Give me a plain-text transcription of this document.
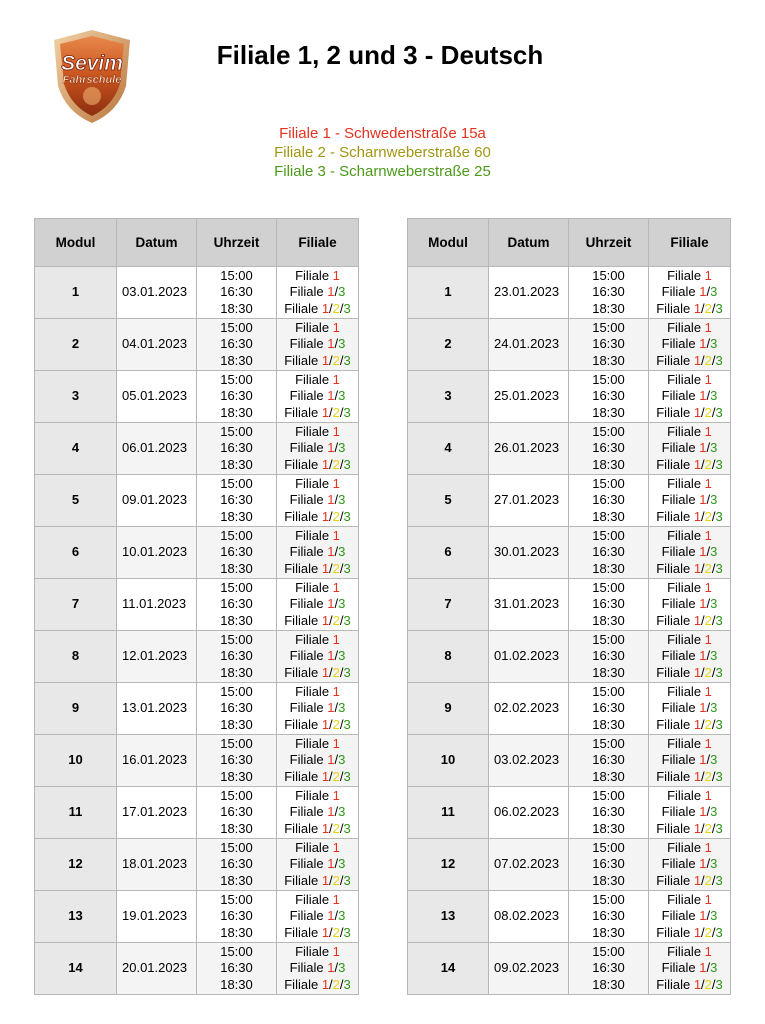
Sevim
Fahrschule
Filiale 1, 2 und 3 - Deutsch
Filiale 1 - Schwedenstraße 15a
Filiale 2 - Scharnweberstraße 60
Filiale 3 - Scharnweberstraße 25
Modul	Datum	Uhrzeit	Filiale
1	03.01.2023	15:00
16:30
18:30	Filiale 1
Filiale 1/3
Filiale 1/2/3
2	04.01.2023	15:00
16:30
18:30	Filiale 1
Filiale 1/3
Filiale 1/2/3
3	05.01.2023	15:00
16:30
18:30	Filiale 1
Filiale 1/3
Filiale 1/2/3
4	06.01.2023	15:00
16:30
18:30	Filiale 1
Filiale 1/3
Filiale 1/2/3
5	09.01.2023	15:00
16:30
18:30	Filiale 1
Filiale 1/3
Filiale 1/2/3
6	10.01.2023	15:00
16:30
18:30	Filiale 1
Filiale 1/3
Filiale 1/2/3
7	11.01.2023	15:00
16:30
18:30	Filiale 1
Filiale 1/3
Filiale 1/2/3
8	12.01.2023	15:00
16:30
18:30	Filiale 1
Filiale 1/3
Filiale 1/2/3
9	13.01.2023	15:00
16:30
18:30	Filiale 1
Filiale 1/3
Filiale 1/2/3
10	16.01.2023	15:00
16:30
18:30	Filiale 1
Filiale 1/3
Filiale 1/2/3
11	17.01.2023	15:00
16:30
18:30	Filiale 1
Filiale 1/3
Filiale 1/2/3
12	18.01.2023	15:00
16:30
18:30	Filiale 1
Filiale 1/3
Filiale 1/2/3
13	19.01.2023	15:00
16:30
18:30	Filiale 1
Filiale 1/3
Filiale 1/2/3
14	20.01.2023	15:00
16:30
18:30	Filiale 1
Filiale 1/3
Filiale 1/2/3
Modul	Datum	Uhrzeit	Filiale
1	23.01.2023	15:00
16:30
18:30	Filiale 1
Filiale 1/3
Filiale 1/2/3
2	24.01.2023	15:00
16:30
18:30	Filiale 1
Filiale 1/3
Filiale 1/2/3
3	25.01.2023	15:00
16:30
18:30	Filiale 1
Filiale 1/3
Filiale 1/2/3
4	26.01.2023	15:00
16:30
18:30	Filiale 1
Filiale 1/3
Filiale 1/2/3
5	27.01.2023	15:00
16:30
18:30	Filiale 1
Filiale 1/3
Filiale 1/2/3
6	30.01.2023	15:00
16:30
18:30	Filiale 1
Filiale 1/3
Filiale 1/2/3
7	31.01.2023	15:00
16:30
18:30	Filiale 1
Filiale 1/3
Filiale 1/2/3
8	01.02.2023	15:00
16:30
18:30	Filiale 1
Filiale 1/3
Filiale 1/2/3
9	02.02.2023	15:00
16:30
18:30	Filiale 1
Filiale 1/3
Filiale 1/2/3
10	03.02.2023	15:00
16:30
18:30	Filiale 1
Filiale 1/3
Filiale 1/2/3
11	06.02.2023	15:00
16:30
18:30	Filiale 1
Filiale 1/3
Filiale 1/2/3
12	07.02.2023	15:00
16:30
18:30	Filiale 1
Filiale 1/3
Filiale 1/2/3
13	08.02.2023	15:00
16:30
18:30	Filiale 1
Filiale 1/3
Filiale 1/2/3
14	09.02.2023	15:00
16:30
18:30	Filiale 1
Filiale 1/3
Filiale 1/2/3
